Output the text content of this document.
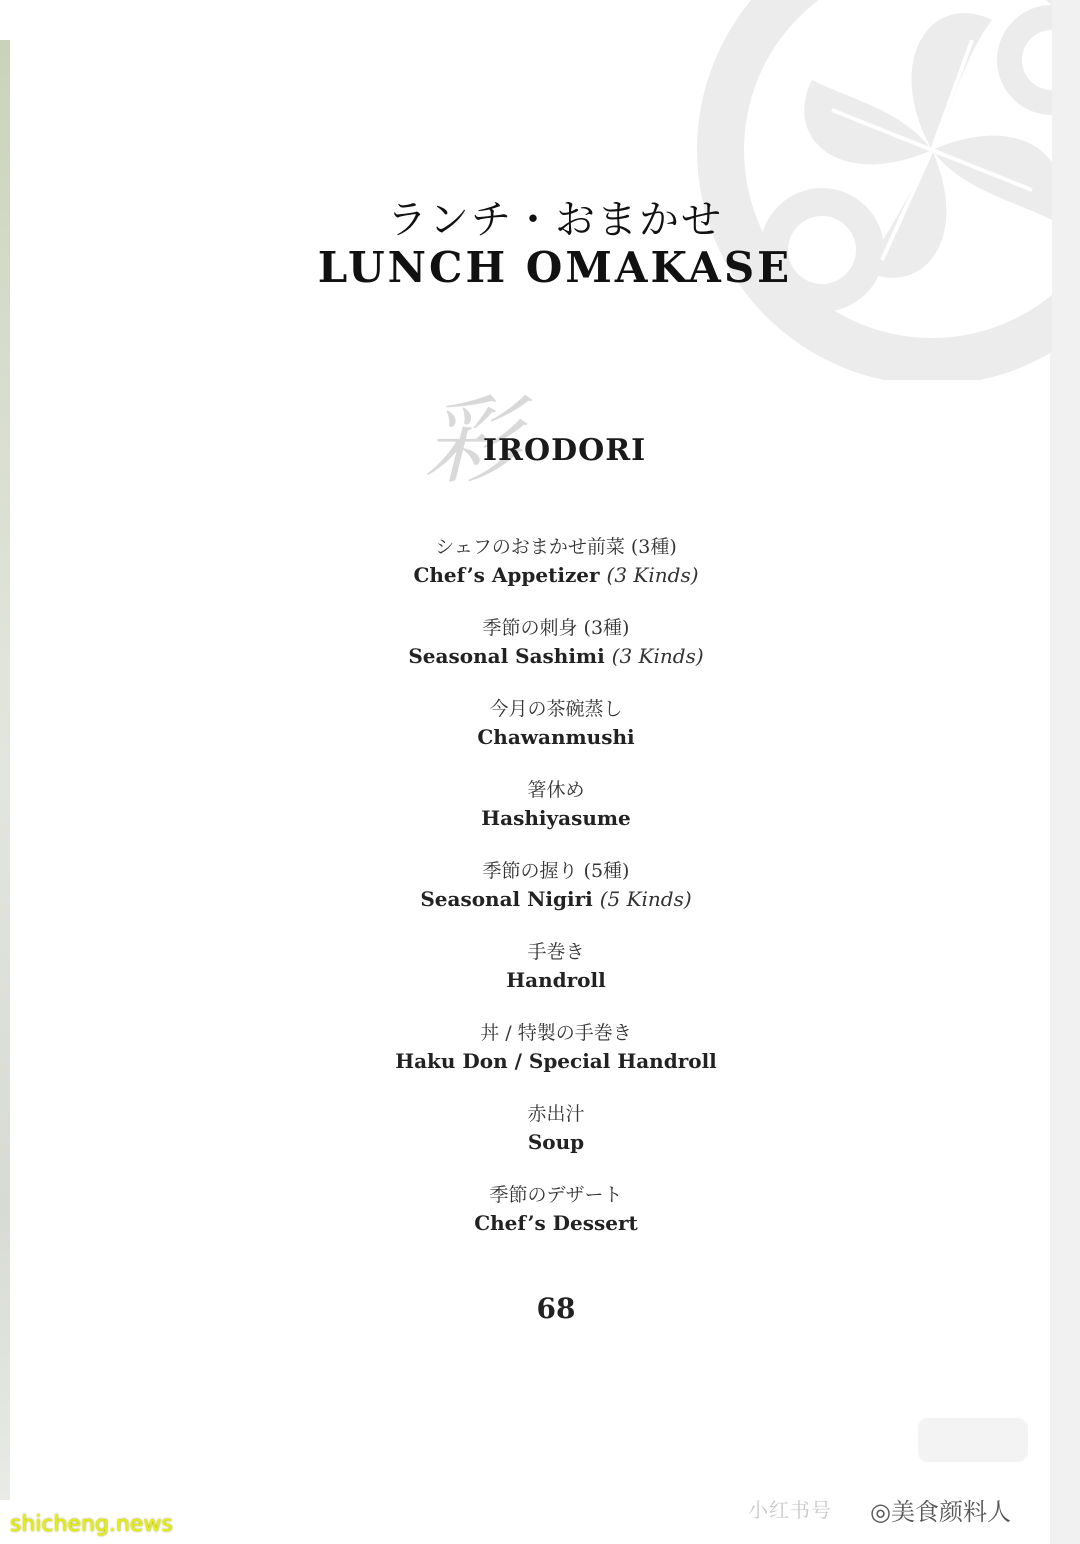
ランチ・おまかせ
LUNCH OMAKASE
彩
IRODORI
シェフのおまかせ前菜 (3種)
Chef’s Appetizer (3 Kinds)
季節の刺身 (3種)
Seasonal Sashimi (3 Kinds)
今月の茶碗蒸し
Chawanmushi
箸休め
Hashiyasume
季節の握り (5種)
Seasonal Nigiri (5 Kinds)
手巻き
Handroll
丼 / 特製の手巻き
Haku Don / Special Handroll
赤出汁
Soup
季節のデザート
Chef’s Dessert
68
小红书号 ◎美食颜料人
shicheng.news
